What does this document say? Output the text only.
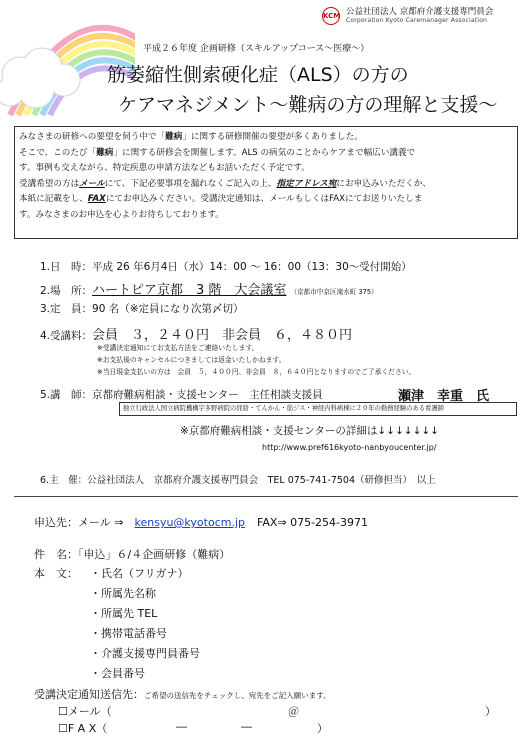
KCM 公益社団法人 京都府介護支援専門員会
Corporation Kyoto Caremanager Association
平成２６年度 企画研修（スキルアップコース〜医療〜）
筋萎縮性側索硬化症（ALS）の方の
ケアマネジメント〜難病の方の理解と支援〜

みなさまの研修への要望を伺う中で「難病」に関する研修開催の要望が多くありました。

そこで、このたび「難病」に関する研修会を開催します。ALS の病気のことからケアまで幅広い講義で

す。事例も交えながら、特定疾患の申請方法などもお話いただく予定です。

受講希望の方はメールにて、下記必要事項を漏れなくご記入の上、指定アドレス宛にお申込みいただくか、

本紙に記載をし、FAXにてお申込みください。受講決定通知は、メールもしくはFAXにてお送りいたしま

す。みなさまのお申込を心よりお待ちしております。

1.日　時：平成 26 年6月4日（水）14：00 〜 16：00（13：30〜受付開始）
2.場　所：ハートピア京都　3 階　大会議室 （京都市中京区滝水町 375）
3.定　員：90 名（※定員になり次第〆切）
4.受講料：会員　３，２４０円　非会員　６，４８０円
※受講決定通知にてお支払方法をご連絡いたします。
※お支払後のキャンセルにつきましては返金いたしかねます。
※当日現金支払いの方は　会員　５，４００円、非会員　８，６４０円となりますのでご了承ください。
5.講　師：京都府難病相談・支援センター　主任相談支援員	瀬津　幸重　氏
独立行政法人国立病院機構宇多野病院の経絡・てんかん・筋ジス・神経内科病棟に２０年の勤務経験のある看護師
※京都府難病相談・支援センターの詳細は↓↓↓↓↓↓↓
http://www.pref616kyoto-nanbyoucenter.jp/
6.主　催：公益社団法人　京都府介護支援専門員会　TEL 075-741-7504（研修担当）　以上
申込先：メール ⇒　kensyu@kyotocm.jp FAX⇒ 075-254-3971
件　名：「申込」６/４企画研修（難病）
本　文： ・氏名（フリガナ）
・所属先名称
・所属先 TEL
・携帯電話番号
・介護支援専門員番号
・会員番号
受講決定通知送信先：ご希望の送信先をチェックし、宛先をご記入願います。
☐メール（	＠	）
☐F A X（	―	―	）
